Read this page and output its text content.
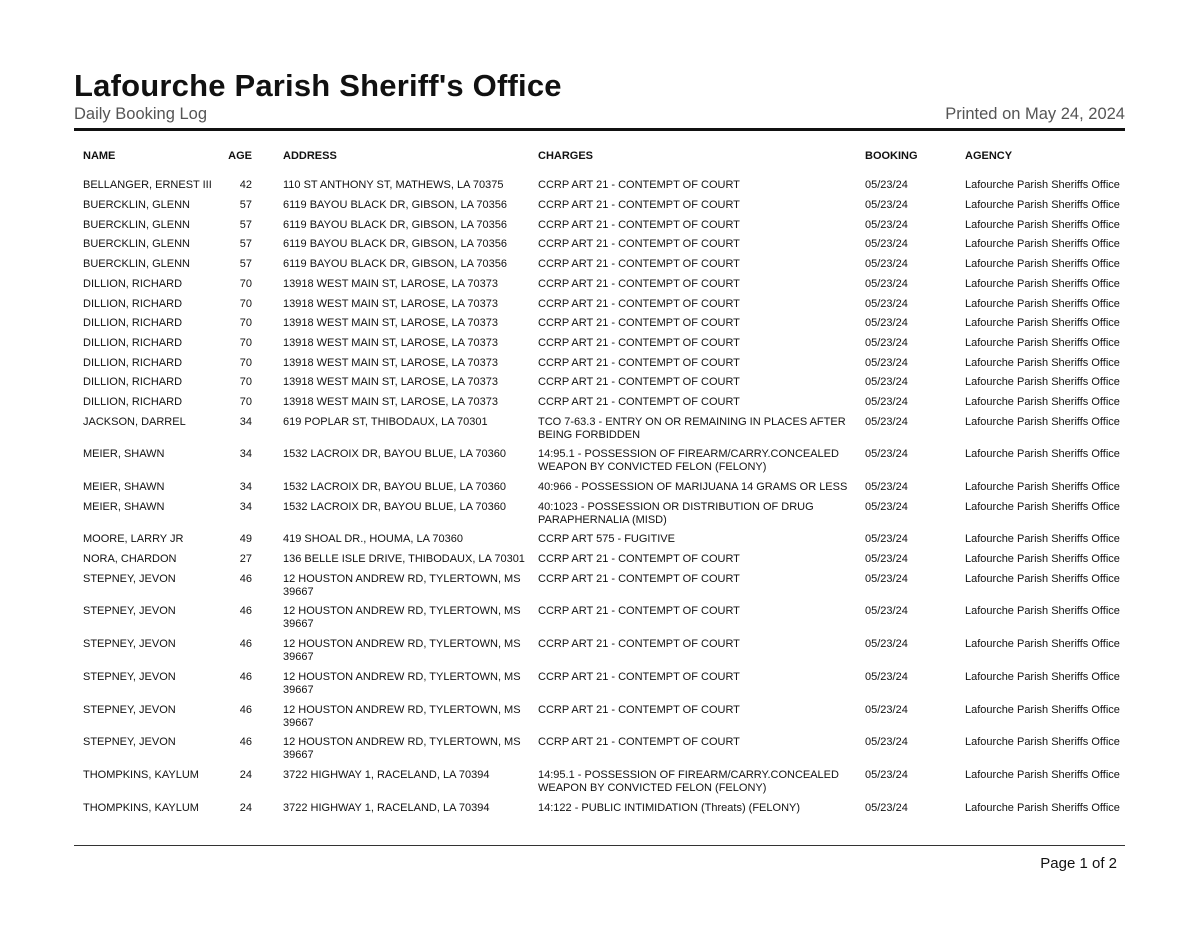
Lafourche Parish Sheriff's Office
Daily Booking Log	Printed on May 24, 2024
NAME	AGE	ADDRESS	CHARGES	BOOKING	AGENCY
BELLANGER, ERNEST III	42	110 ST ANTHONY ST, MATHEWS, LA 70375	CCRP ART 21 - CONTEMPT OF COURT	05/23/24	Lafourche Parish Sheriffs Office
BUERCKLIN, GLENN	57	6119 BAYOU BLACK DR, GIBSON, LA 70356	CCRP ART 21 - CONTEMPT OF COURT	05/23/24	Lafourche Parish Sheriffs Office
BUERCKLIN, GLENN	57	6119 BAYOU BLACK DR, GIBSON, LA 70356	CCRP ART 21 - CONTEMPT OF COURT	05/23/24	Lafourche Parish Sheriffs Office
BUERCKLIN, GLENN	57	6119 BAYOU BLACK DR, GIBSON, LA 70356	CCRP ART 21 - CONTEMPT OF COURT	05/23/24	Lafourche Parish Sheriffs Office
BUERCKLIN, GLENN	57	6119 BAYOU BLACK DR, GIBSON, LA 70356	CCRP ART 21 - CONTEMPT OF COURT	05/23/24	Lafourche Parish Sheriffs Office
DILLION, RICHARD	70	13918 WEST MAIN ST, LAROSE, LA 70373	CCRP ART 21 - CONTEMPT OF COURT	05/23/24	Lafourche Parish Sheriffs Office
DILLION, RICHARD	70	13918 WEST MAIN ST, LAROSE, LA 70373	CCRP ART 21 - CONTEMPT OF COURT	05/23/24	Lafourche Parish Sheriffs Office
DILLION, RICHARD	70	13918 WEST MAIN ST, LAROSE, LA 70373	CCRP ART 21 - CONTEMPT OF COURT	05/23/24	Lafourche Parish Sheriffs Office
DILLION, RICHARD	70	13918 WEST MAIN ST, LAROSE, LA 70373	CCRP ART 21 - CONTEMPT OF COURT	05/23/24	Lafourche Parish Sheriffs Office
DILLION, RICHARD	70	13918 WEST MAIN ST, LAROSE, LA 70373	CCRP ART 21 - CONTEMPT OF COURT	05/23/24	Lafourche Parish Sheriffs Office
DILLION, RICHARD	70	13918 WEST MAIN ST, LAROSE, LA 70373	CCRP ART 21 - CONTEMPT OF COURT	05/23/24	Lafourche Parish Sheriffs Office
DILLION, RICHARD	70	13918 WEST MAIN ST, LAROSE, LA 70373	CCRP ART 21 - CONTEMPT OF COURT	05/23/24	Lafourche Parish Sheriffs Office
JACKSON, DARREL	34	619 POPLAR ST, THIBODAUX, LA 70301	TCO 7-63.3 - ENTRY ON OR REMAINING IN PLACES AFTER BEING FORBIDDEN	05/23/24	Lafourche Parish Sheriffs Office
MEIER, SHAWN	34	1532 LACROIX DR, BAYOU BLUE, LA 70360	14:95.1 - POSSESSION OF FIREARM/CARRY.CONCEALED WEAPON BY CONVICTED FELON (FELONY)	05/23/24	Lafourche Parish Sheriffs Office
MEIER, SHAWN	34	1532 LACROIX DR, BAYOU BLUE, LA 70360	40:966 - POSSESSION OF MARIJUANA 14 GRAMS OR LESS	05/23/24	Lafourche Parish Sheriffs Office
MEIER, SHAWN	34	1532 LACROIX DR, BAYOU BLUE, LA 70360	40:1023 - POSSESSION OR DISTRIBUTION OF DRUG PARAPHERNALIA (MISD)	05/23/24	Lafourche Parish Sheriffs Office
MOORE, LARRY JR	49	419 SHOAL DR., HOUMA, LA 70360	CCRP ART 575 - FUGITIVE	05/23/24	Lafourche Parish Sheriffs Office
NORA, CHARDON	27	136 BELLE ISLE DRIVE, THIBODAUX, LA 70301	CCRP ART 21 - CONTEMPT OF COURT	05/23/24	Lafourche Parish Sheriffs Office
STEPNEY, JEVON	46	12 HOUSTON ANDREW RD, TYLERTOWN, MS 39667	CCRP ART 21 - CONTEMPT OF COURT	05/23/24	Lafourche Parish Sheriffs Office
STEPNEY, JEVON	46	12 HOUSTON ANDREW RD, TYLERTOWN, MS 39667	CCRP ART 21 - CONTEMPT OF COURT	05/23/24	Lafourche Parish Sheriffs Office
STEPNEY, JEVON	46	12 HOUSTON ANDREW RD, TYLERTOWN, MS 39667	CCRP ART 21 - CONTEMPT OF COURT	05/23/24	Lafourche Parish Sheriffs Office
STEPNEY, JEVON	46	12 HOUSTON ANDREW RD, TYLERTOWN, MS 39667	CCRP ART 21 - CONTEMPT OF COURT	05/23/24	Lafourche Parish Sheriffs Office
STEPNEY, JEVON	46	12 HOUSTON ANDREW RD, TYLERTOWN, MS 39667	CCRP ART 21 - CONTEMPT OF COURT	05/23/24	Lafourche Parish Sheriffs Office
STEPNEY, JEVON	46	12 HOUSTON ANDREW RD, TYLERTOWN, MS 39667	CCRP ART 21 - CONTEMPT OF COURT	05/23/24	Lafourche Parish Sheriffs Office
THOMPKINS, KAYLUM	24	3722 HIGHWAY 1, RACELAND, LA 70394	14:95.1 - POSSESSION OF FIREARM/CARRY.CONCEALED WEAPON BY CONVICTED FELON (FELONY)	05/23/24	Lafourche Parish Sheriffs Office
THOMPKINS, KAYLUM	24	3722 HIGHWAY 1, RACELAND, LA 70394	14:122 - PUBLIC INTIMIDATION (Threats) (FELONY)	05/23/24	Lafourche Parish Sheriffs Office
Page 1 of 2
